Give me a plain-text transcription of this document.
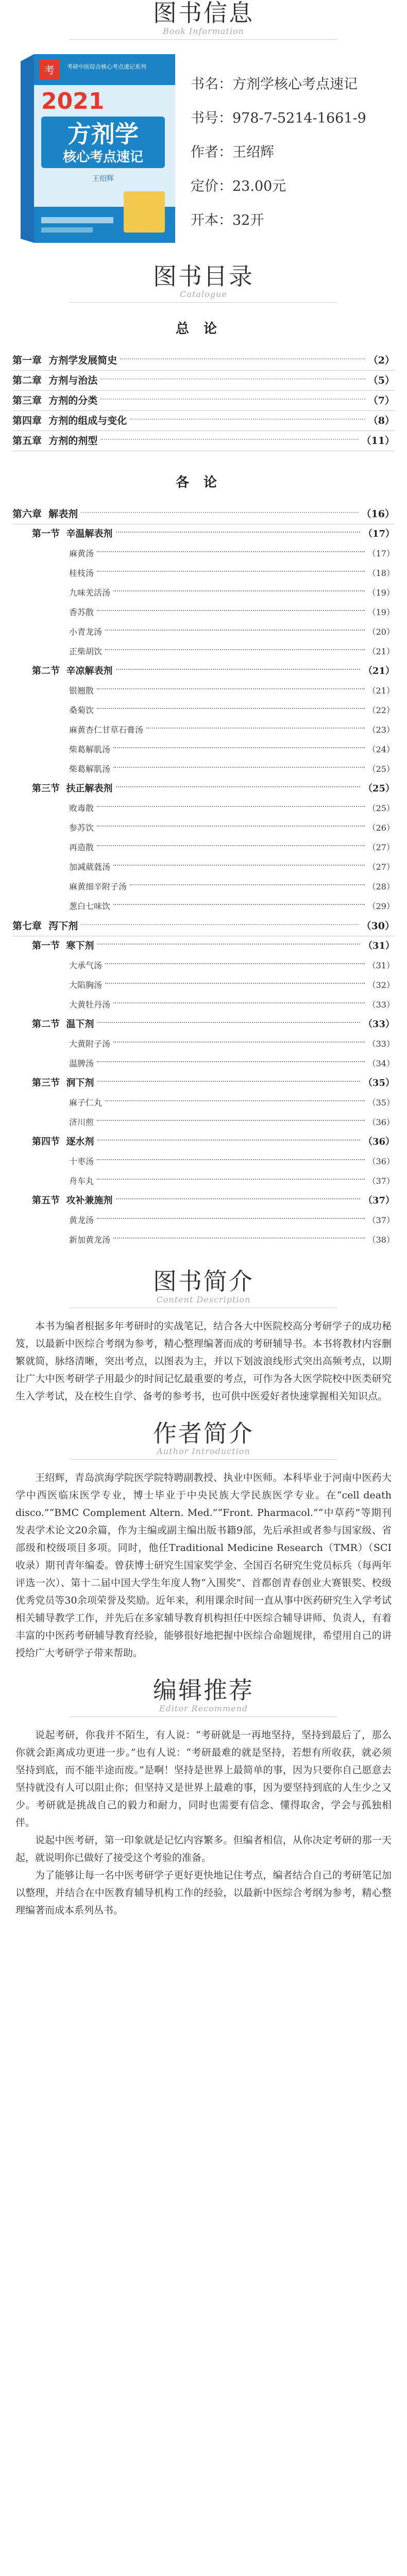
图书信息
Book Information
考 考研中医综合核心考点速记系列
2021
方剂学
核心考点速记
王绍辉
书名：方剂学核心考点速记
书号：978-7-5214-1661-9
作者：王绍辉
定价：23.00元
开本：32开
图书目录
Catalogue
总论
第一章  方剂学发展简史	（2）
第二章  方剂与治法	（5）
第三章  方剂的分类	（7）
第四章  方剂的组成与变化	（8）
第五章  方剂的剂型	（11）
各论
第六章  解表剂	（16）
第一节  辛温解表剂	（17）
麻黄汤	（17）
桂枝汤	（18）
九味羌活汤	（19）
香苏散	（19）
小青龙汤	（20）
正柴胡饮	（21）
第二节  辛凉解表剂	（21）
银翘散	（21）
桑菊饮	（22）
麻黄杏仁甘草石膏汤	（23）
柴葛解肌汤	（24）
柴葛解肌汤	（25）
第三节  扶正解表剂	（25）
败毒散	（25）
参苏饮	（26）
再造散	（27）
加减葳蕤汤	（27）
麻黄细辛附子汤	（28）
葱白七味饮	（29）
第七章  泻下剂	（30）
第一节  寒下剂	（31）
大承气汤	（31）
大陷胸汤	（32）
大黄牡丹汤	（33）
第二节  温下剂	（33）
大黄附子汤	（33）
温脾汤	（34）
第三节  润下剂	（35）
麻子仁丸	（35）
济川煎	（36）
第四节  逐水剂	（36）
十枣汤	（36）
舟车丸	（37）
第五节  攻补兼施剂	（37）
黄龙汤	（37）
新加黄龙汤	（38）
图书简介
Content Description

本书为编者根据多年考研时的实战笔记，结合各大中医院校高分考研学子的成功秘笈，以最新中医综合考纲为参考，精心整理编著而成的考研辅导书。本书将教材内容删繁就简，脉络清晰，突出考点，以图表为主，并以下划波浪线形式突出高频考点，以期让广大中医考研学子用最少的时间记忆最重要的考点，可作为各大医学院校中医类研究生入学考试，及在校生自学、备考的参考书，也可供中医爱好者快速掌握相关知识点。

作者简介
Author Introduction

王绍辉，青岛滨海学院医学院特聘副教授、执业中医师。本科毕业于河南中医药大学中西医临床医学专业，博士毕业于中央民族大学民族医学专业。在“cell death disco.”“BMC Complement Altern. Med.”“Front. Pharmacol.”“中草药”等期刊发表学术论文20余篇，作为主编或副主编出版书籍9部，先后承担或者参与国家级、省部级和校级项目多项。同时，他任Traditional Medicine Research（TMR）（SCI收录）期刊青年编委。曾获博士研究生国家奖学金、全国百名研究生党员标兵（每两年评选一次）、第十二届中国大学生年度人物“入围奖”、首都创青春创业大赛银奖、校级优秀党员等30余项荣誉及奖励。近年来，利用课余时间一直从事中医药研究生入学考试相关辅导教学工作，并先后在多家辅导教育机构担任中医综合辅导讲师、负责人，有着丰富的中医药考研辅导教育经验，能够很好地把握中医综合命题规律，希望用自己的讲授给广大考研学子带来帮助。

编辑推荐
Editor Recommend

说起考研，你我并不陌生，有人说：“考研就是一再地坚持，坚持到最后了，那么你就会距离成功更进一步。”也有人说：“考研最难的就是坚持，若想有所收获，就必须坚持到底，而不能半途而废。”是啊！坚持是世界上最简单的事，因为只要你自己愿意去坚持就没有人可以阻止你；但坚持又是世界上最难的事，因为要坚持到底的人生少之又少。考研就是挑战自己的毅力和耐力，同时也需要有信念、懂得取舍，学会与孤独相伴。

说起中医考研，第一印象就是记忆内容繁多。但编者相信，从你决定考研的那一天起，就说明你已做好了接受这个考验的准备。

为了能够让每一名中医考研学子更好更快地记住考点，编者结合自己的考研笔记加以整理，并结合在中医教育辅导机构工作的经验，以最新中医综合考纲为参考，精心整理编著而成本系列丛书。
